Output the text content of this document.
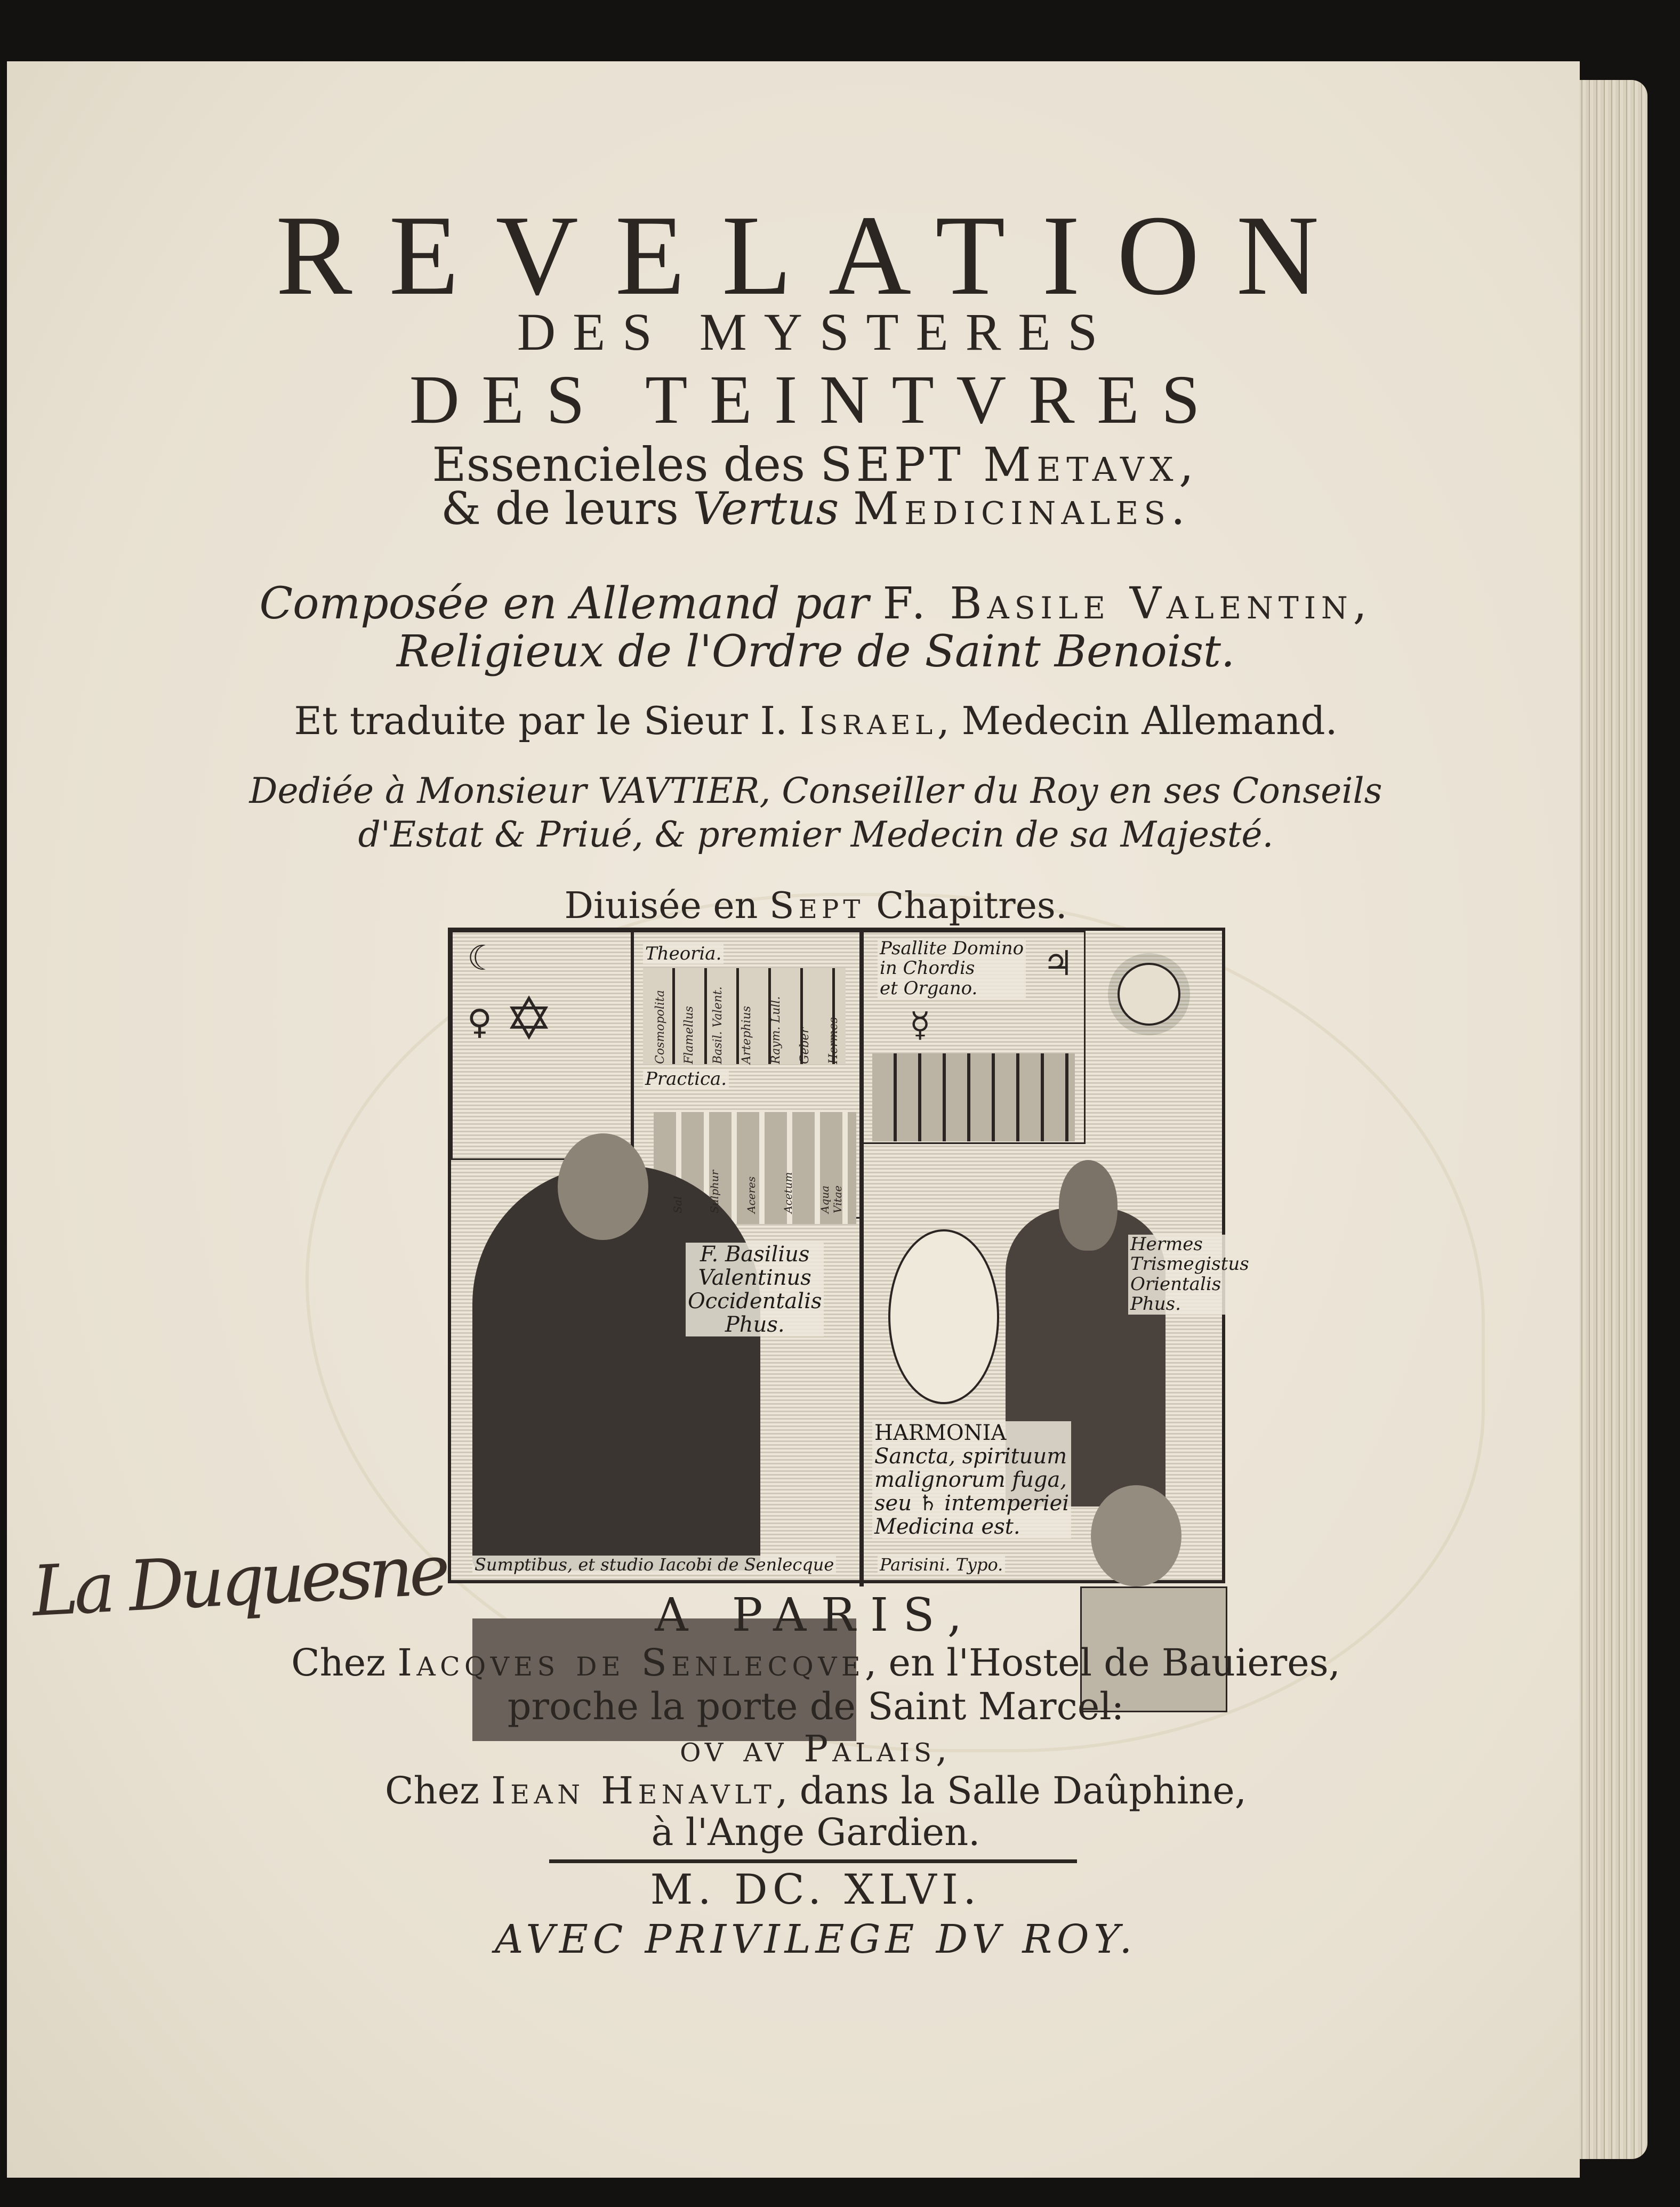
REVELATION
DES MYSTERES
DES TEINTVRES
Essencieles des SEPT Metavx,
& de leurs Vertus Medicinales.
Composée en Allemand par F. Basile Valentin,
Religieux de l'Ordre de Saint Benoist.
Et traduite par le Sieur I. Israel, Medecin Allemand.
Dediée à Monsieur VAVTIER, Conseiller du Roy en ses Conseils
d'Estat & Priué, & premier Medecin de sa Majesté.
Diuisée en Sept Chapitres.
☾
✡
♀
♃
☿
Theoria.
Practica.
F. Basilius
Valentinus
Occidentalis
Phus.
Psallite Domino
in Chordis
et Organo.
Hermes
Trismegistus
Orientalis
Phus.
HARMONIA
Sancta, spirituum
malignorum fuga,
seu ♄ intemperiei
Medicina est.
Sumptibus, et studio Iacobi de Senlecque	Parisini. Typo.
Cosmopolita Flamellus Basil. Valent. Artephius Raym. Lull. Geber Hermes
Sal Sulphur Aceres Acetum Aqua Vitae
La Duquesne	A PARIS,
Chez Iacqves de Senlecqve, en l'Hostel de Bauieres,
proche la porte de Saint Marcel:
ov av Palais,
Chez Iean Henavlt, dans la Salle Daûphine,
à l'Ange Gardien.
M. DC. XLVI.
AVEC PRIVILEGE DV ROY.
